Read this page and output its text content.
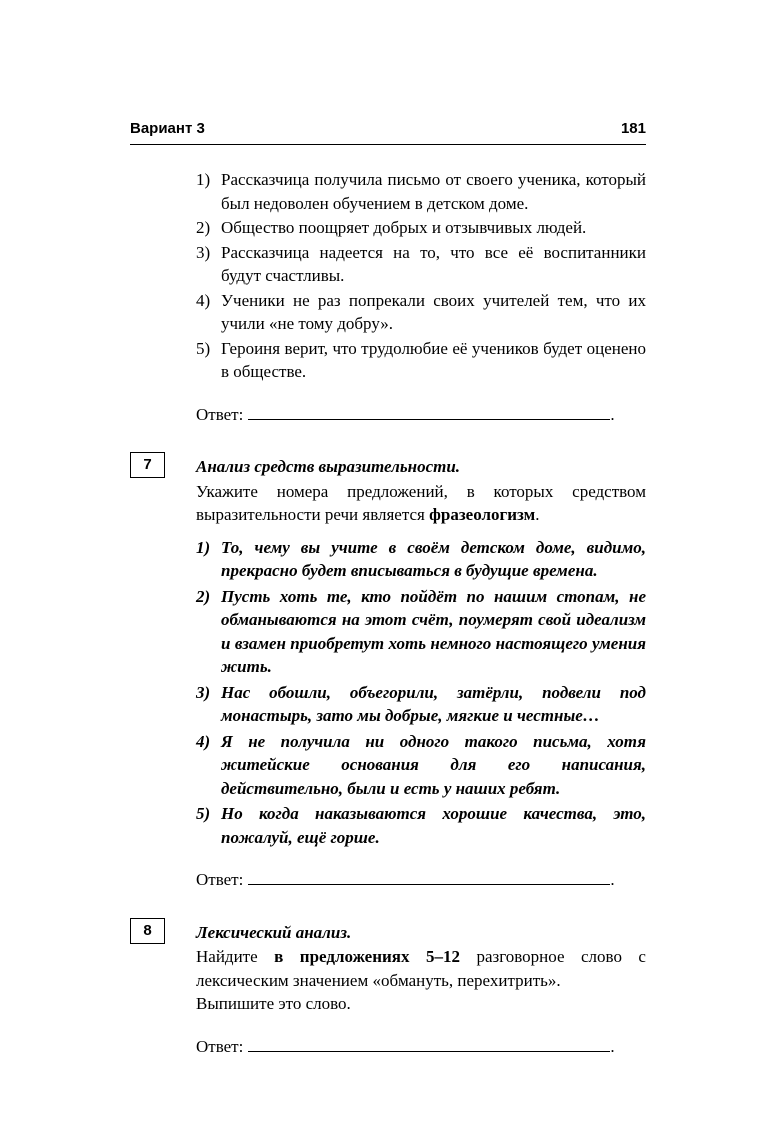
Вариант 3	181
1) Рассказчица получила письмо от своего ученика, который был недоволен обучением в детском доме.
2) Общество поощряет добрых и отзывчивых людей.
3) Рассказчица надеется на то, что все её воспитанники будут счастливы.
4) Ученики не раз попрекали своих учителей тем, что их учили «не тому добру».
5) Героиня верит, что трудолюбие её учеников будет оценено в обществе.
Ответ:	.
7	Анализ средств выразительности.
Укажите номера предложений, в которых средством выразительности речи является фразеологизм.
1) То, чему вы учите в своём детском доме, видимо, прекрасно будет вписываться в будущие времена.
2) Пусть хоть те, кто пойдёт по нашим стопам, не обманываются на этот счёт, поумерят свой идеализм и взамен приобретут хоть немного настоящего умения жить.
3) Нас обошли, объегорили, затёрли, подвели под монастырь, зато мы добрые, мягкие и честные…
4) Я не получила ни одного такого письма, хотя житейские основания для его написания, действительно, были и есть у наших ребят.
5) Но когда наказываются хорошие качества, это, пожалуй, ещё горше.
Ответ:	.
8	Лексический анализ.
Найдите в предложениях 5–12 разговорное слово с лексическим значением «обмануть, перехитрить».
Выпишите это слово.
Ответ:	.
